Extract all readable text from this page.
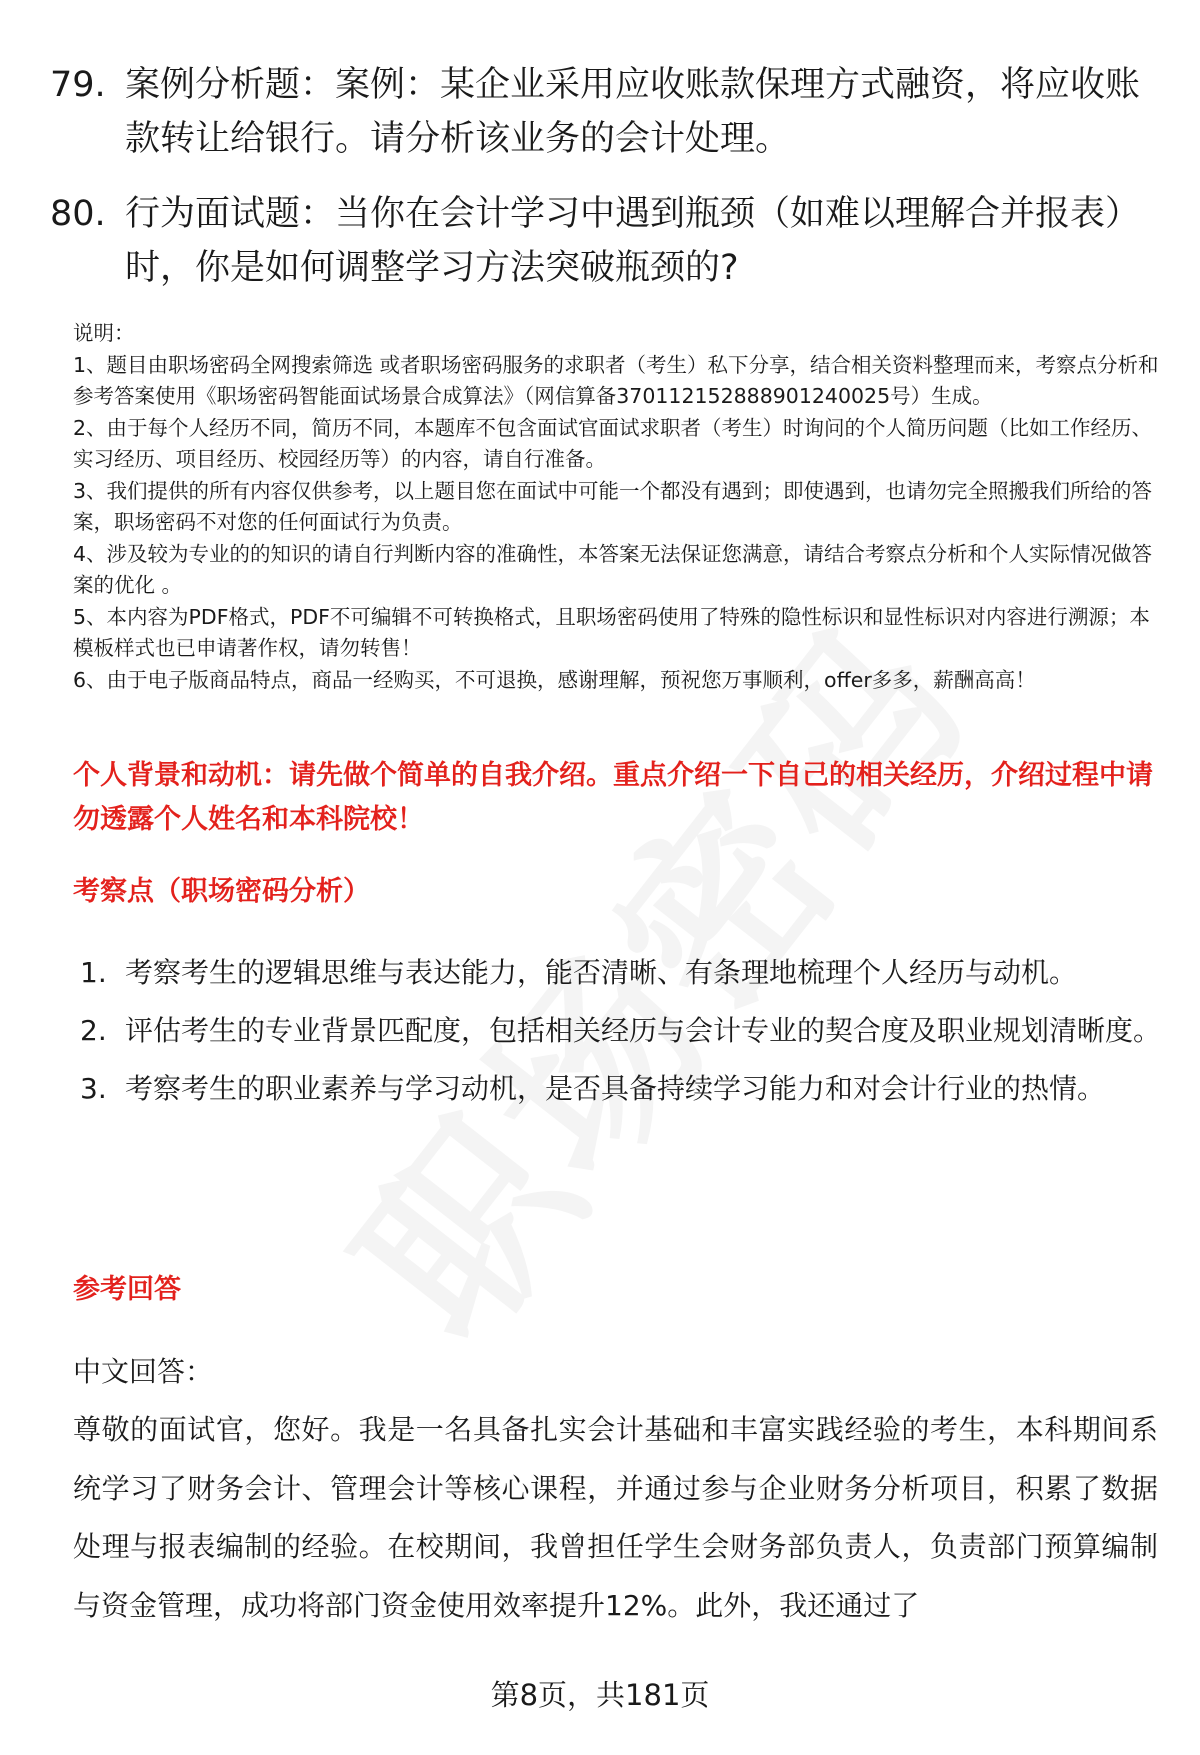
79. 案例分析题：案例：某企业采用应收账款保理方式融资，将应收账款转让给银行。请分析该业务的会计处理。
80. 行为面试题：当你在会计学习中遇到瓶颈（如难以理解合并报表）时，你是如何调整学习方法突破瓶颈的?
说明：
1、题目由职场密码全网搜索筛选 或者职场密码服务的求职者（考生）私下分享，结合相关资料整理而来，考察点分析和参考答案使用《职场密码智能面试场景合成算法》（网信算备370112152888901240025号）生成。
2、由于每个人经历不同，简历不同，本题库不包含面试官面试求职者（考生）时询问的个人简历问题（比如工作经历、实习经历、项目经历、校园经历等）的内容，请自行准备。
3、我们提供的所有内容仅供参考，以上题目您在面试中可能一个都没有遇到；即使遇到，也请勿完全照搬我们所给的答案，职场密码不对您的任何面试行为负责。
4、涉及较为专业的的知识的请自行判断内容的准确性，本答案无法保证您满意，请结合考察点分析和个人实际情况做答案的优化 。
5、本内容为PDF格式，PDF不可编辑不可转换格式，且职场密码使用了特殊的隐性标识和显性标识对内容进行溯源；本模板样式也已申请著作权，请勿转售！
6、由于电子版商品特点，商品一经购买，不可退换，感谢理解，预祝您万事顺利，offer多多，薪酬高高！
个人背景和动机：请先做个简单的自我介绍。重点介绍一下自己的相关经历，介绍过程中请勿透露个人姓名和本科院校！
考察点（职场密码分析）
1. 考察考生的逻辑思维与表达能力，能否清晰、有条理地梳理个人经历与动机。
2. 评估考生的专业背景匹配度，包括相关经历与会计专业的契合度及职业规划清晰度。
3. 考察考生的职业素养与学习动机，是否具备持续学习能力和对会计行业的热情。
参考回答
中文回答：
尊敬的面试官，您好。我是一名具备扎实会计基础和丰富实践经验的考生，本科期间系统学习了财务会计、管理会计等核心课程，并通过参与企业财务分析项目，积累了数据处理与报表编制的经验。在校期间，我曾担任学生会财务部负责人，负责部门预算编制与资金管理，成功将部门资金使用效率提升12%。此外，我还通过了
第8页，共181页
